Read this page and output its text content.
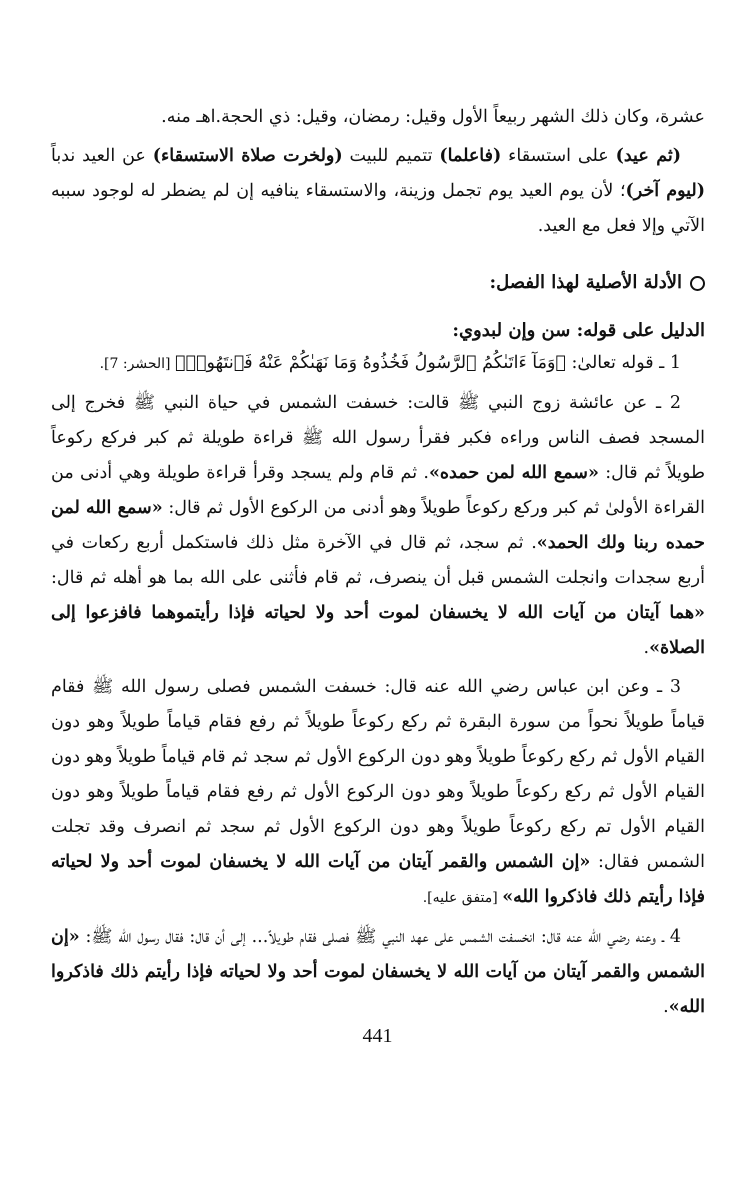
عشرة، وكان ذلك الشهر ربيعاً الأول وقيل: رمضان، وقيل: ذي الحجة.اهـ منه.

(ثم عيد) على استسقاء (فاعلما) تتميم للبيت (ولخرت صلاة الاستسقاء) عن العيد ندباً (ليوم آخر)؛ لأن يوم العيد يوم تجمل وزينة، والاستسقاء ينافيه إن لم يضطر له لوجود سببه الآتي وإلا فعل مع العيد.

الأدلة الأصلية لهذا الفصل:

الدليل على قوله: سن وإن لبدوي:

1 ـ قوله تعالىٰ: ﴿وَمَآ ءَاتَىٰكُمُ ٱلرَّسُولُ فَخُذُوهُ وَمَا نَهَىٰكُمْ عَنْهُ فَٱنتَهُوا۟﴾ [الحشر: 7].

2 ـ عن عائشة زوج النبي ﷺ قالت: خسفت الشمس في حياة النبي ﷺ فخرج إلى المسجد فصف الناس وراءه فكبر فقرأ رسول الله ﷺ قراءة طويلة ثم كبر فركع ركوعاً طويلاً ثم قال: «سمع الله لمن حمده». ثم قام ولم يسجد وقرأ قراءة طويلة وهي أدنى من القراءة الأولىٰ ثم كبر وركع ركوعاً طويلاً وهو أدنى من الركوع الأول ثم قال: «سمع الله لمن حمده ربنا ولك الحمد». ثم سجد، ثم قال في الآخرة مثل ذلك فاستكمل أربع ركعات في أربع سجدات وانجلت الشمس قبل أن ينصرف، ثم قام فأثنى على الله بما هو أهله ثم قال: «هما آيتان من آيات الله لا يخسفان لموت أحد ولا لحياته فإذا رأيتموهما فافزعوا إلى الصلاة».

3 ـ وعن ابن عباس رضي الله عنه قال: خسفت الشمس فصلى رسول الله ﷺ فقام قياماً طويلاً نحواً من سورة البقرة ثم ركع ركوعاً طويلاً ثم رفع فقام قياماً طويلاً وهو دون القيام الأول ثم ركع ركوعاً طويلاً وهو دون الركوع الأول ثم سجد ثم قام قياماً طويلاً وهو دون القيام الأول ثم ركع ركوعاً طويلاً وهو دون الركوع الأول ثم رفع فقام قياماً طويلاً وهو دون القيام الأول تم ركع ركوعاً طويلاً وهو دون الركوع الأول ثم سجد ثم انصرف وقد تجلت الشمس فقال: «إن الشمس والقمر آيتان من آيات الله لا يخسفان لموت أحد ولا لحياته فإذا رأيتم ذلك فاذكروا الله» [متفق عليه].

4 ـ وعنه رضي الله عنه قال: انخسفت الشمس على عهد النبي ﷺ فصلى فقام طويلاً... إلى أن قال: فقال رسول الله ﷺ: «إن الشمس والقمر آيتان من آيات الله لا يخسفان لموت أحد ولا لحياته فإذا رأيتم ذلك فاذكروا الله».

441
